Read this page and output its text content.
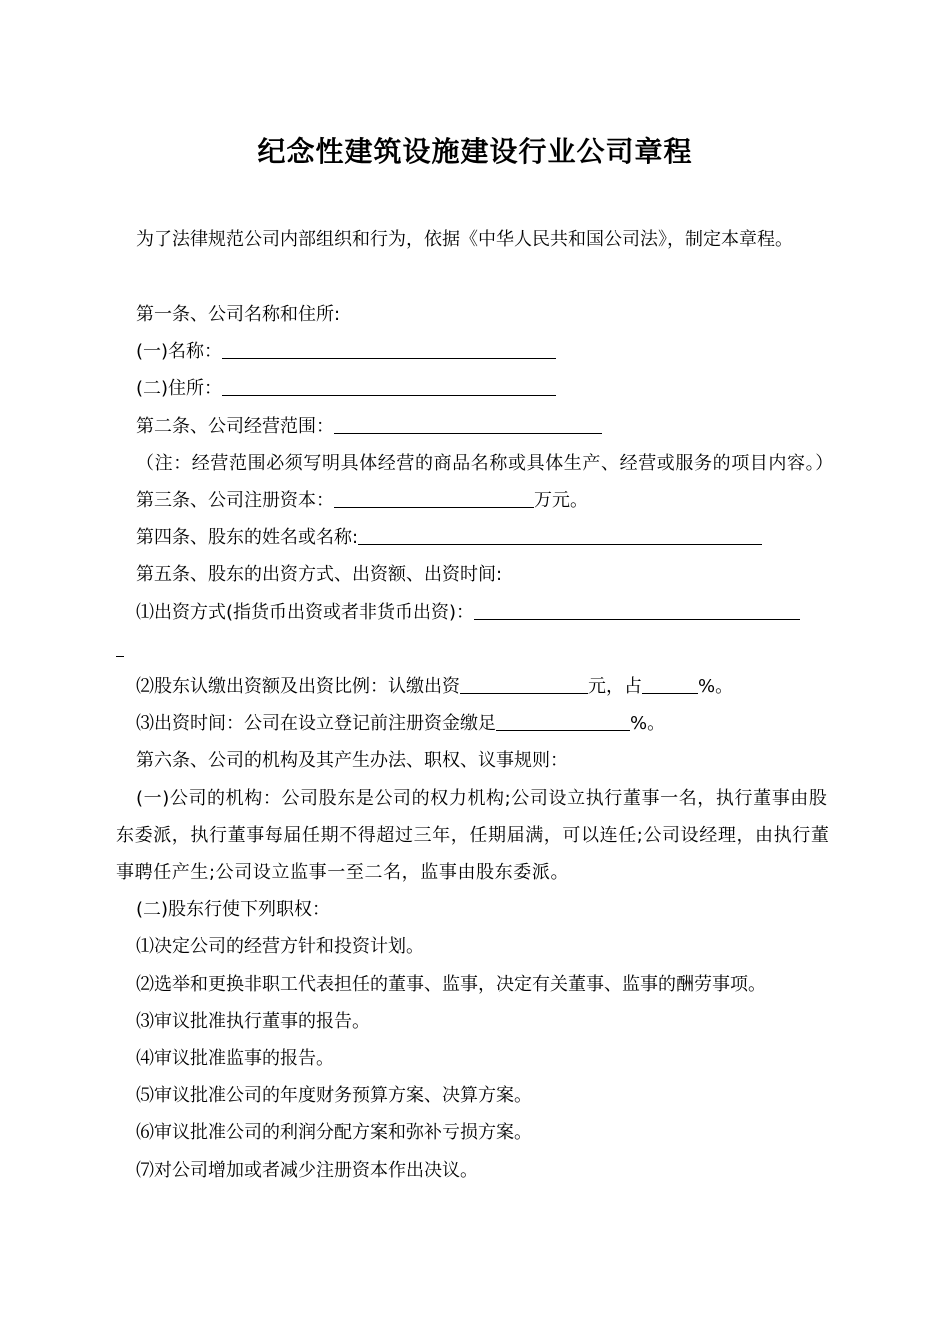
纪念性建筑设施建设行业公司章程
为了法律规范公司内部组织和行为，依据《中华人民共和国公司法》，制定本章程。
第一条、公司名称和住所:
(一)名称：
(二)住所：
第二条、公司经营范围：
（注：经营范围必须写明具体经营的商品名称或具体生产、经营或服务的项目内容。）
第三条、公司注册资本：	万元。
第四条、股东的姓名或名称:
第五条、股东的出资方式、出资额、出资时间:
⑴出资方式(指货币出资或者非货币出资)：
⑵股东认缴出资额及出资比例：认缴出资	元，占	%。
⑶出资时间：公司在设立登记前注册资金缴足	%。
第六条、公司的机构及其产生办法、职权、议事规则：
(一)公司的机构：公司股东是公司的权力机构;公司设立执行董事一名，执行董事由股东委派，执行董事每届任期不得超过三年，任期届满，可以连任;公司设经理，由执行董事聘任产生;公司设立监事一至二名，监事由股东委派。
(二)股东行使下列职权：
⑴决定公司的经营方针和投资计划。
⑵选举和更换非职工代表担任的董事、监事，决定有关董事、监事的酬劳事项。
⑶审议批准执行董事的报告。
⑷审议批准监事的报告。
⑸审议批准公司的年度财务预算方案、决算方案。
⑹审议批准公司的利润分配方案和弥补亏损方案。
⑺对公司增加或者减少注册资本作出决议。
